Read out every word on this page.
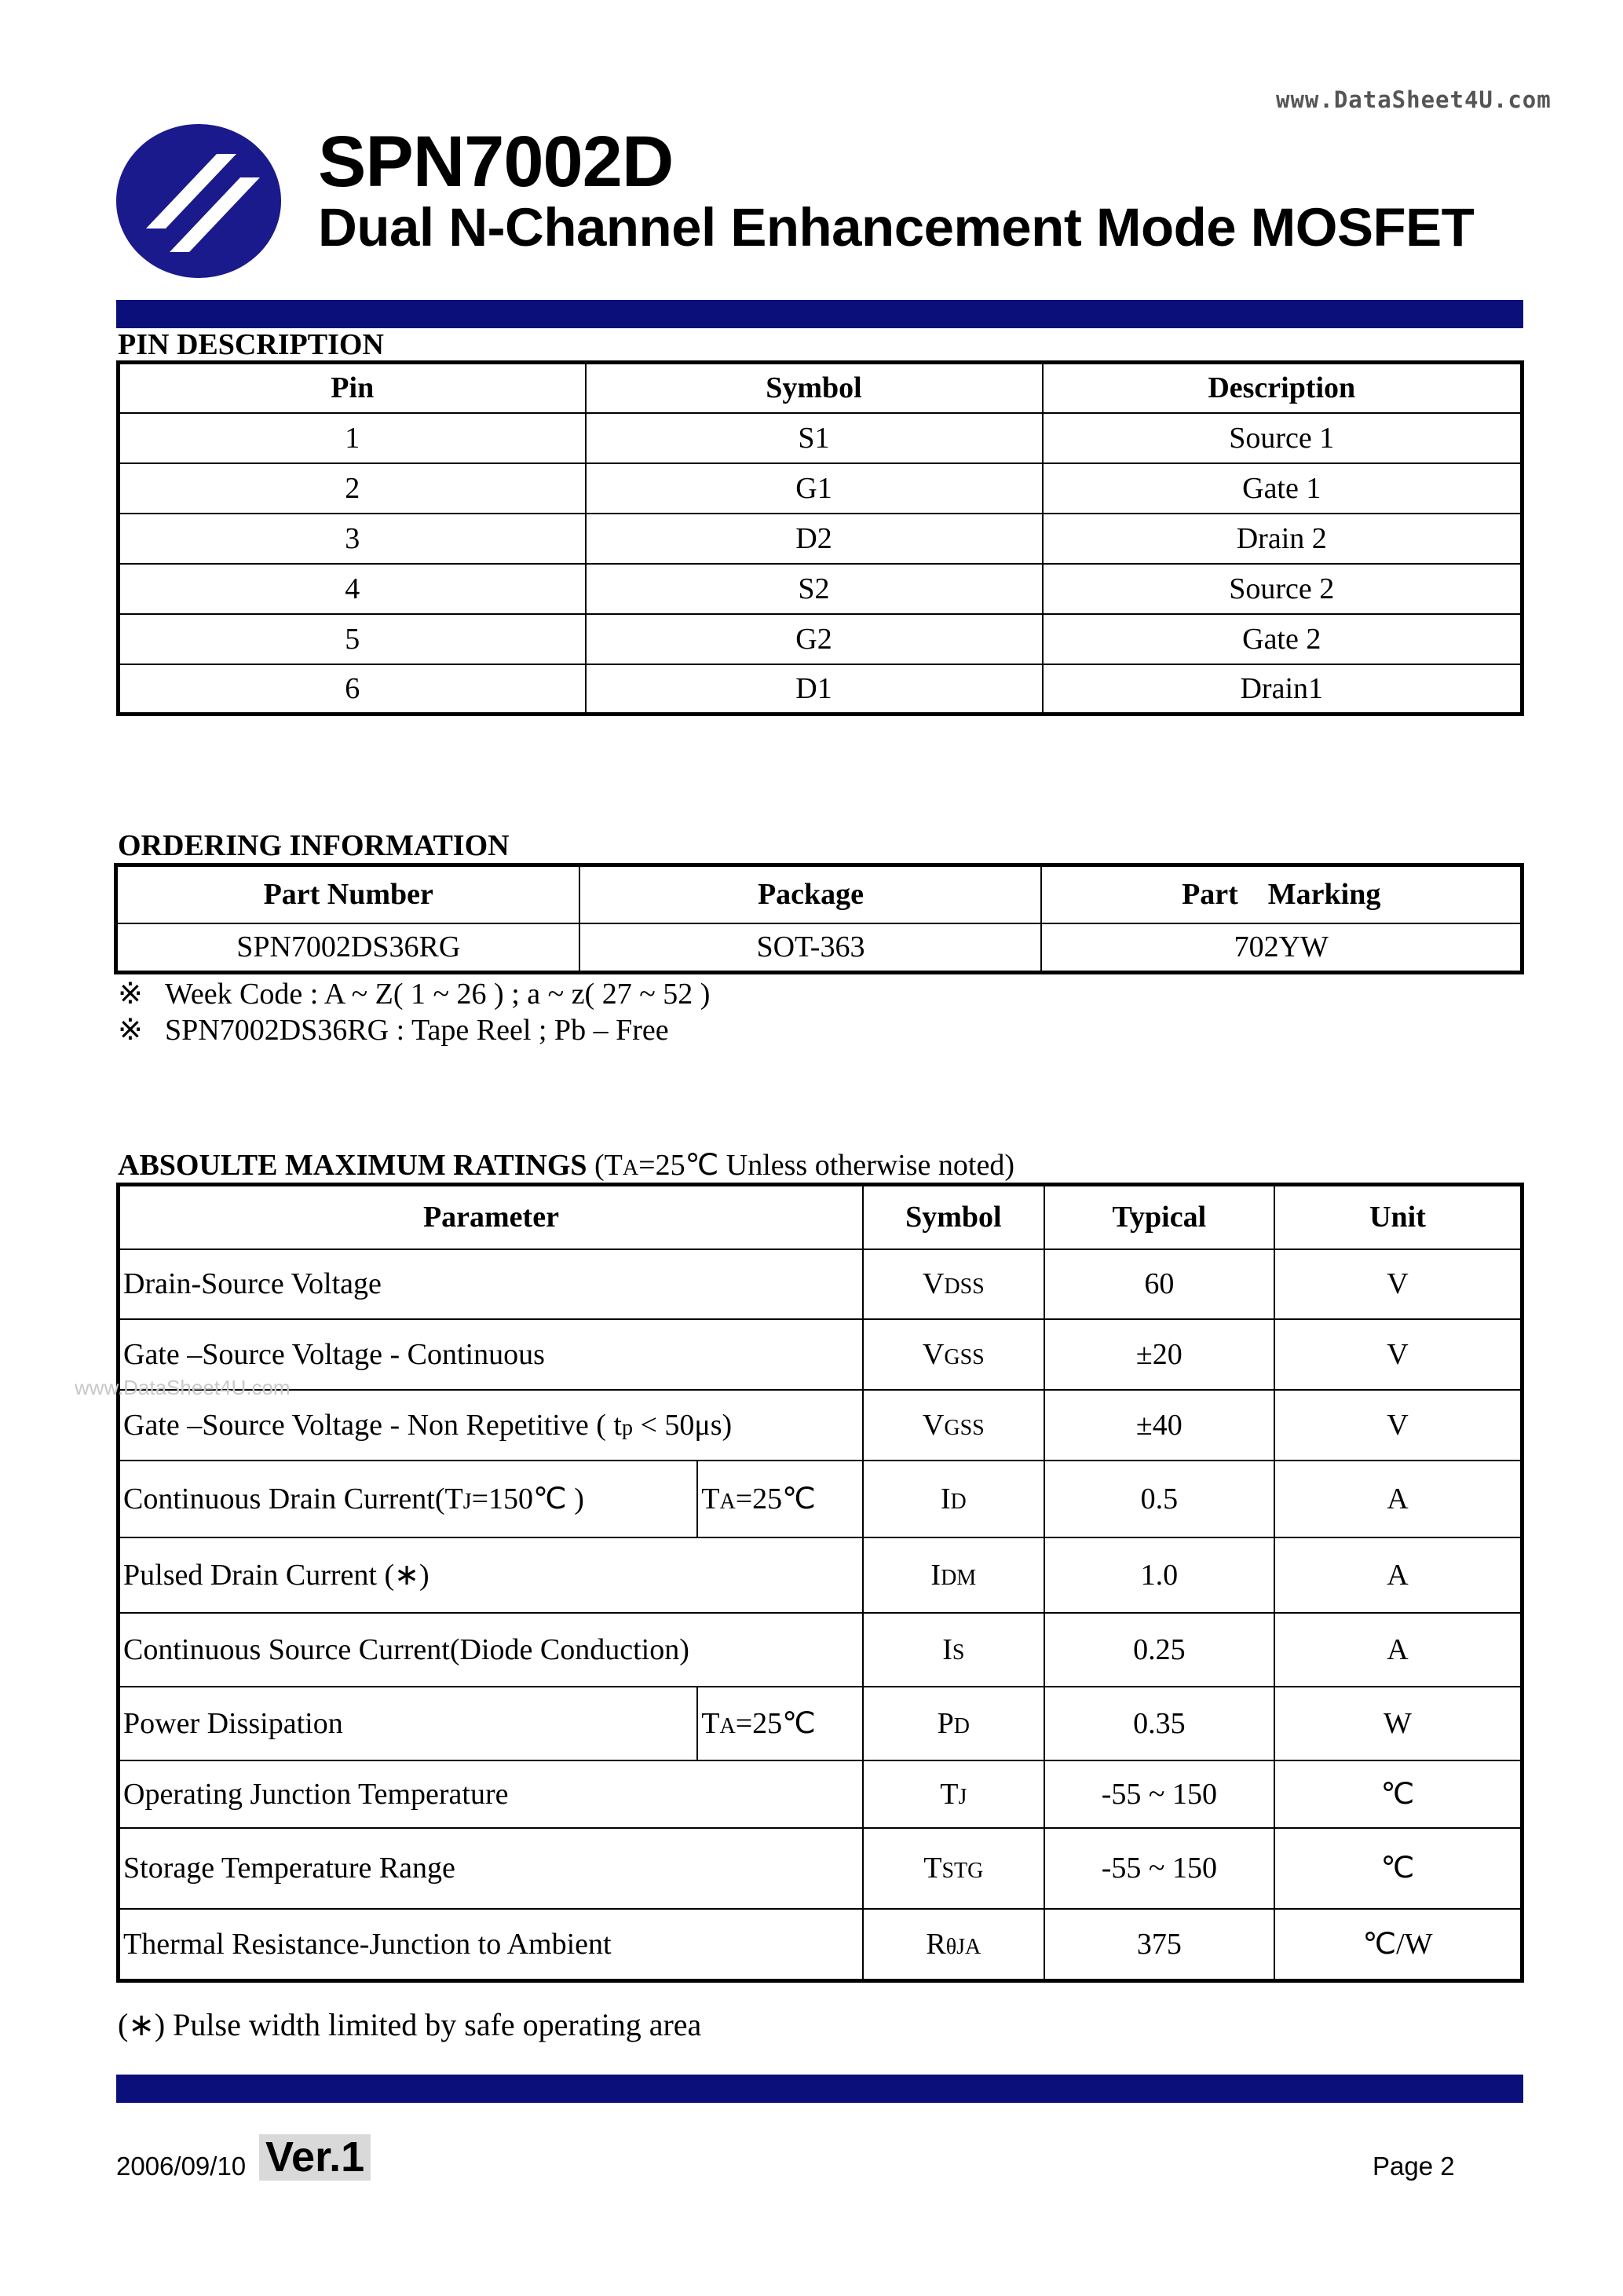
www.DataSheet4U.com
SPN7002D
Dual N-Channel Enhancement Mode MOSFET
PIN DESCRIPTION
Pin	Symbol	Description
1	S1	Source 1
2	G1	Gate 1
3	D2	Drain 2
4	S2	Source 2
5	G2	Gate 2
6	D1	Drain1
ORDERING INFORMATION
Part Number	Package	Part    Marking
SPN7002DS36RG	SOT-363	702YW
※ Week Code : A ~ Z( 1 ~ 26 ) ; a ~ z( 27 ~ 52 )
※ SPN7002DS36RG : Tape Reel ; Pb – Free
ABSOULTE MAXIMUM RATINGS (TA=25℃ Unless otherwise noted)
Parameter		Symbol	Typical	Unit
Drain-Source Voltage		VDSS	60	V
Gate –Source Voltage - Continuous		VGSS	±20	V
Gate –Source Voltage - Non Repetitive ( tp < 50μs)		VGSS	±40	V
Continuous Drain Current(TJ=150℃ )	TA=25℃	ID	0.5	A
Pulsed Drain Current (∗)		IDM	1.0	A
Continuous Source Current(Diode Conduction)		IS	0.25	A
Power Dissipation	TA=25℃	PD	0.35	W
Operating Junction Temperature		TJ	-55 ~ 150	℃
Storage Temperature Range		TSTG	-55 ~ 150	℃
Thermal Resistance-Junction to Ambient		RθJA	375	℃/W
www.DataSheet4U.com
(∗) Pulse width limited by safe operating area
2006/09/10 Ver.1	Page 2
